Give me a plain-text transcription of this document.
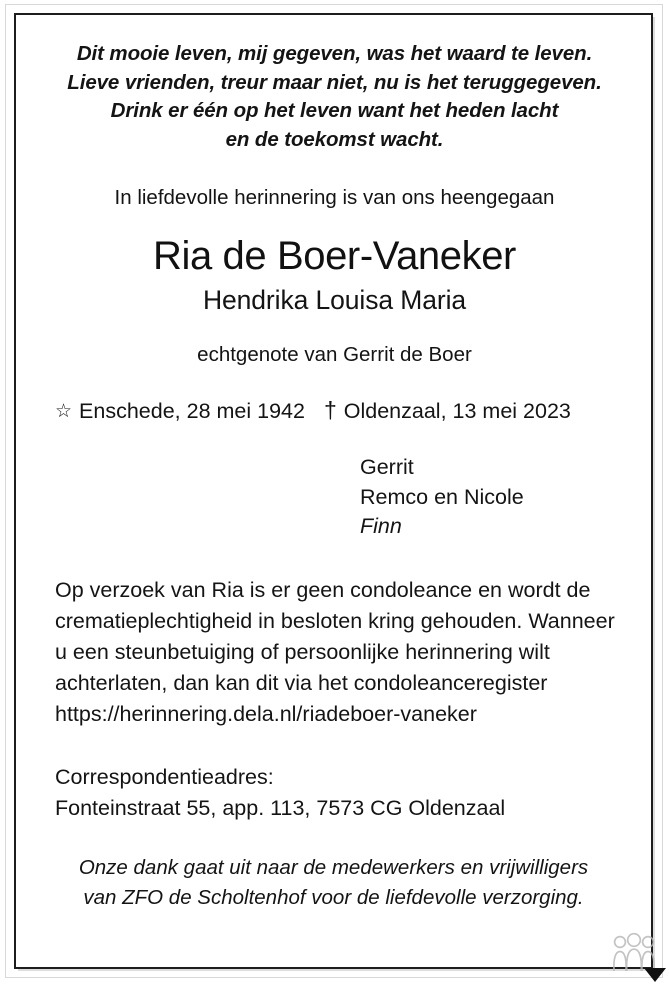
Dit mooie leven, mij gegeven, was het waard te leven.
Lieve vrienden, treur maar niet, nu is het teruggegeven.
Drink er één op het leven want het heden lacht
en de toekomst wacht.
In liefdevolle herinnering is van ons heengegaan
Ria de Boer-Vaneker
Hendrika Louisa Maria
echtgenote van Gerrit de Boer
☆ Enschede, 28 mei 1942 † Oldenzaal, 13 mei 2023
Gerrit
Remco en Nicole
Finn
Op verzoek van Ria is er geen condoleance en wordt de crematieplechtigheid in besloten kring gehouden. Wanneer u een steunbetuiging of persoonlijke herinnering wilt achterlaten, dan kan dit via het condoleanceregister
https://herinnering.dela.nl/riadeboer-vaneker
Correspondentieadres:
Fonteinstraat 55, app. 113, 7573 CG Oldenzaal
Onze dank gaat uit naar de medewerkers en vrijwilligers
van ZFO de Scholtenhof voor de liefdevolle verzorging.
